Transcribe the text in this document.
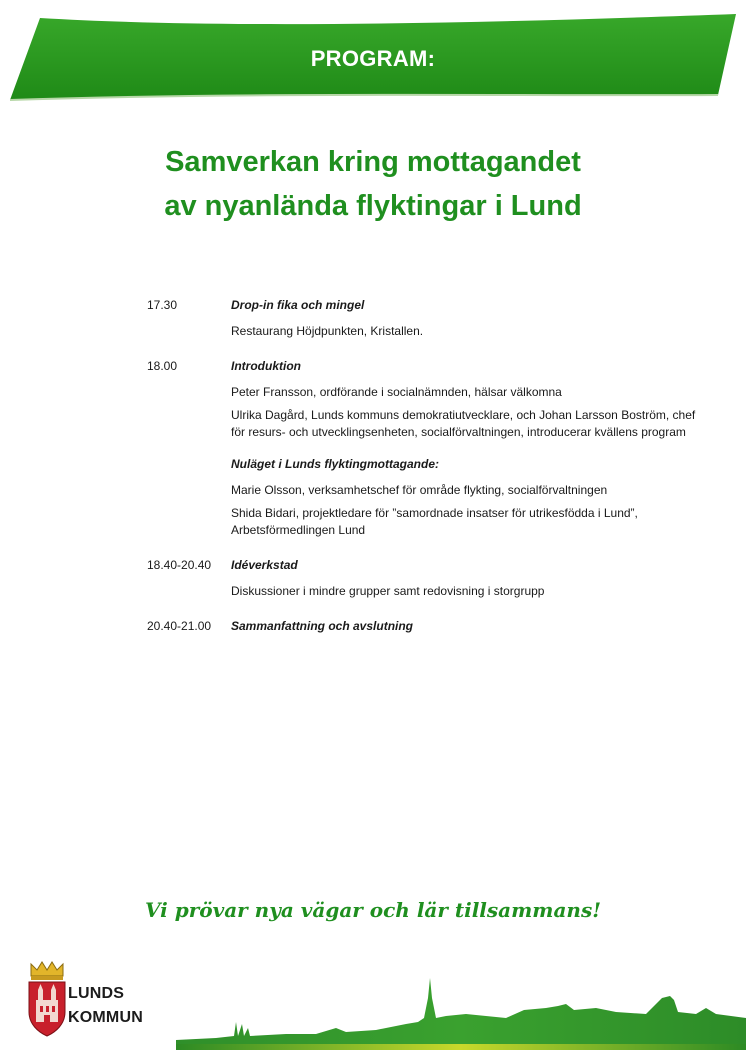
PROGRAM:
Samverkan kring mottagandet
av nyanlända flyktingar i Lund
17.30	Drop-in fika och mingel
Restaurang Höjdpunkten, Kristallen.
18.00	Introduktion
Peter Fransson, ordförande i socialnämnden, hälsar välkomna
Ulrika Dagård, Lunds kommuns demokratiutvecklare, och Johan Larsson Boström, chef för resurs- och utvecklingsenheten, socialförvaltningen, introducerar kvällens program
Nuläget i Lunds flyktingmottagande:
Marie Olsson, verksamhetschef för område flykting, socialförvaltningen
Shida Bidari, projektledare för ”samordnade insatser för utrikesfödda i Lund”, Arbetsförmedlingen Lund
18.40-20.40	Idéverkstad
Diskussioner i mindre grupper samt redovisning i storgrupp
20.40-21.00	Sammanfattning och avslutning
Vi prövar nya vägar och lär tillsammans!
LUNDS
KOMMUN
